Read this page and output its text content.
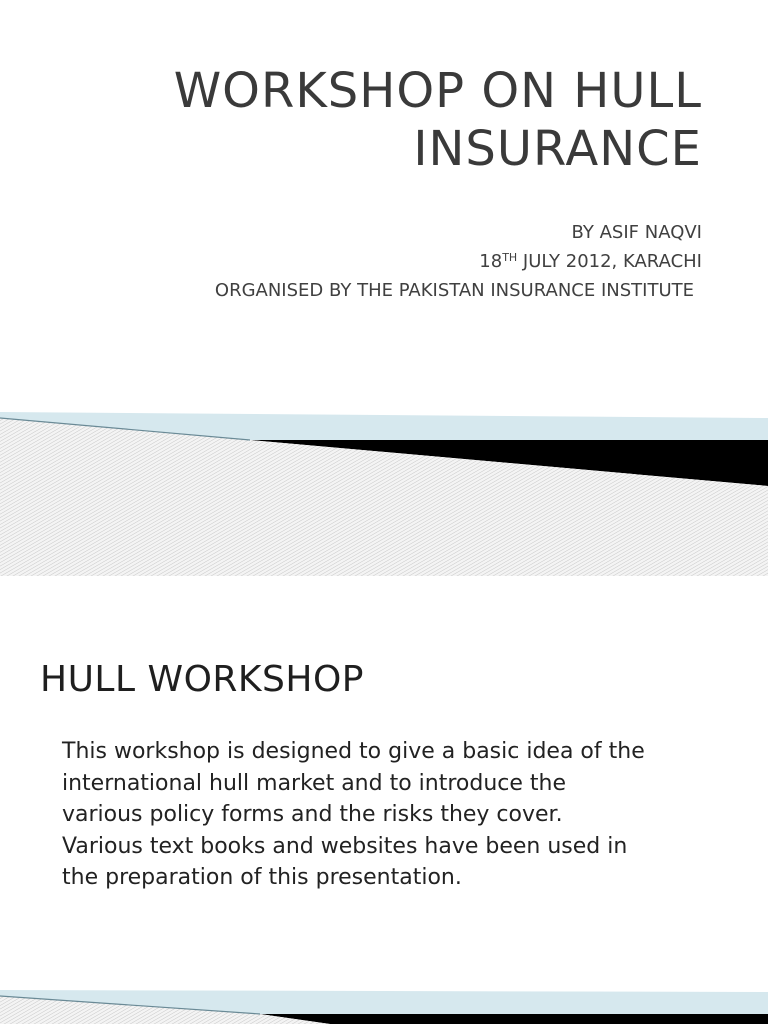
WORKSHOP ON HULL
INSURANCE
BY ASIF NAQVI
18TH JULY 2012, KARACHI
ORGANISED BY THE PAKISTAN INSURANCE INSTITUTE
HULL WORKSHOP

This workshop is designed to give a basic idea of the
international hull market and to introduce the
various policy forms and the risks they cover.
Various text books and websites have been used in
the preparation of this presentation.
